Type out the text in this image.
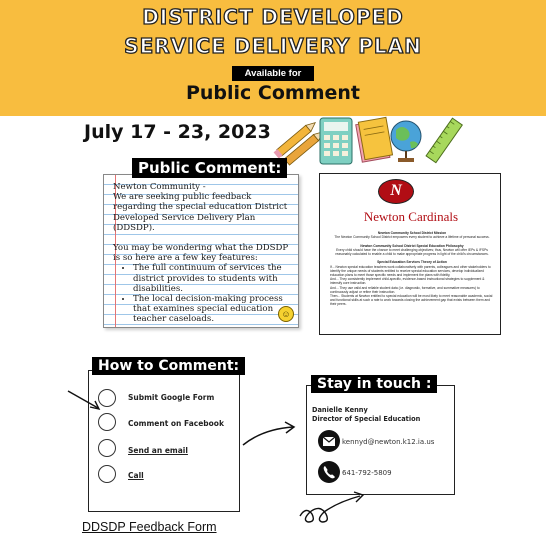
DISTRICT DEVELOPED
SERVICE DELIVERY PLAN
Available for
Public Comment
July 17 - 23, 2023
Public Comment:

Newton Community -

We are seeking public feedback regarding the special education District Developed Service Delivery Plan (DDSDP).

You may be wondering what the DDSDP is so here are a few key features:

• The full continuum of services the district provides to students with disabilities.
• The local decision-making process that examines special education teacher caseloads.
☺
N
Newton Cardinals
Newton Community School District Mission
The Newton Community School District empowers every student to achieve a lifetime of personal success.

Newton Community School District Special Education Philosophy
Every child should have the chance to meet challenging objectives; thus, Newton will offer IEPs & IFSPs reasonably calculated to enable a child to make appropriate progress in light of the child's circumstances.

Special Education Services Theory of Action
If... Newton special education teachers work collaboratively with parents, colleagues and other stakeholders to identify the unique needs of students entitled to receive special education services, develop individualized education plans to meet those specific needs and implement the plans with fidelity,
And... They consistently implement child-specific, evidence-based instructional strategies to supplement & intensify core instruction.
And... They use valid and reliable student data (i.e. diagnostic, formative, and summative measures) to continuously adjust or refine their instruction.
Then... Students at Newton entitled to special education will be most likely to meet reasonable academic, social and functional skills at such a rate to work towards closing the achievement gap that exists between them and their peers.
How to Comment:
Submit Google Form
Comment on Facebook
Send an email
Call
Stay in touch :
Danielle Kenny
Director of Special Education
kennyd@newton.k12.ia.us
641-792-5809
DDSDP Feedback Form
